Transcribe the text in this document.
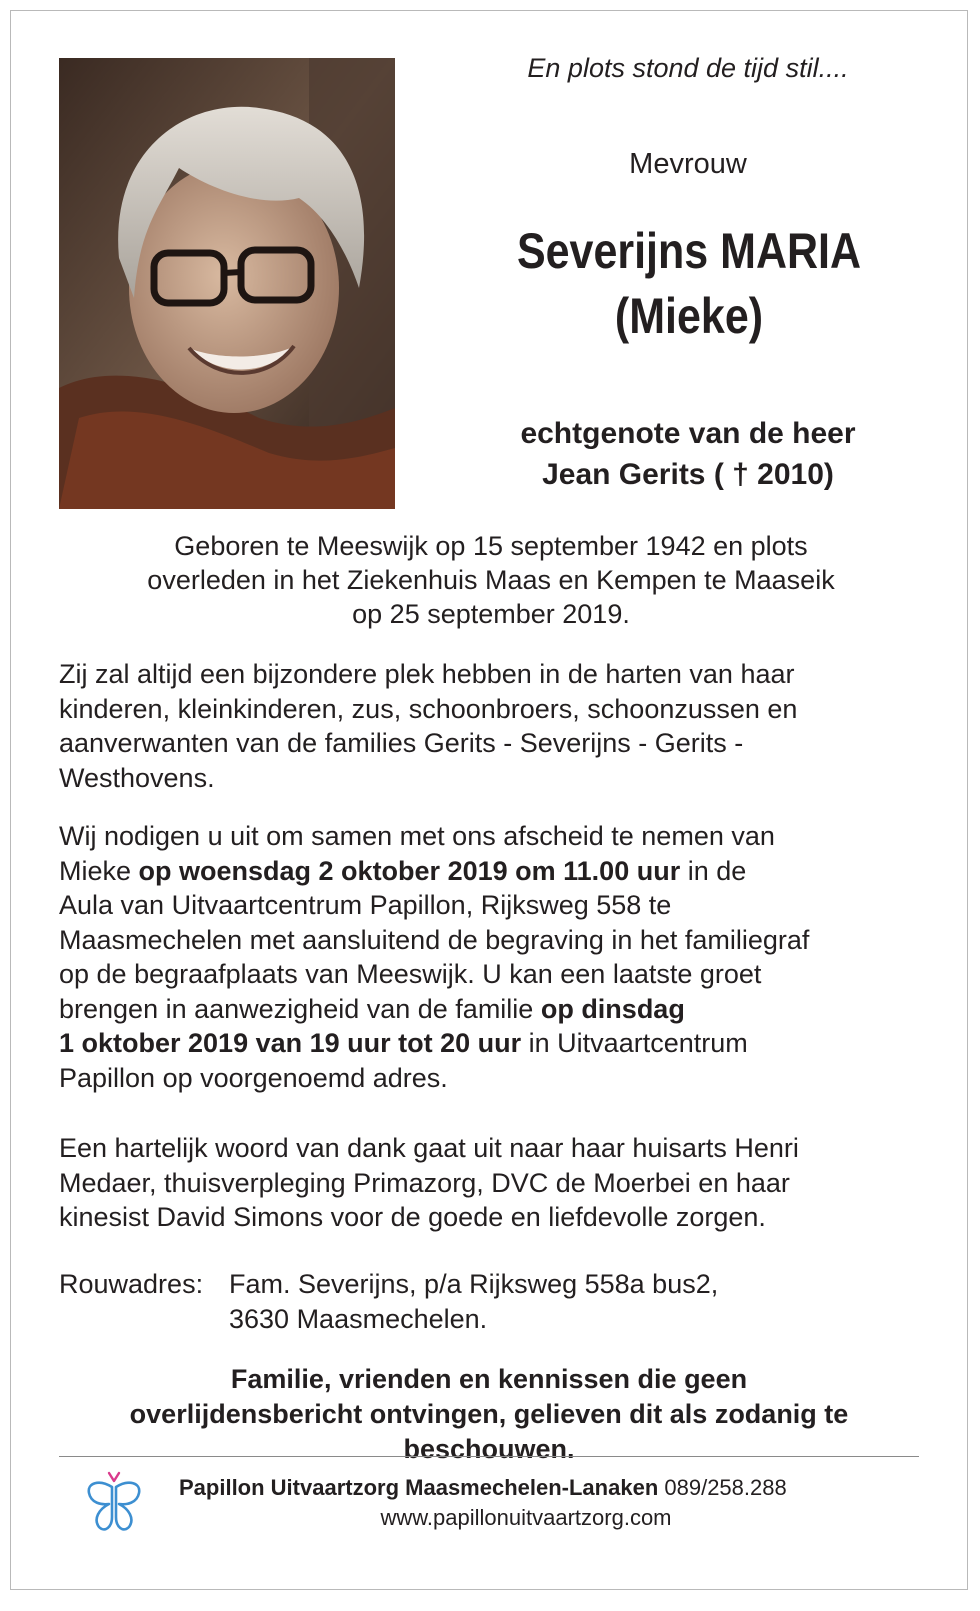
En plots stond de tijd stil....
Mevrouw
Severijns MARIA
(Mieke)
echtgenote van de heer
Jean Gerits ( † 2010)
Geboren te Meeswijk op 15 september 1942 en plots
overleden in het Ziekenhuis Maas en Kempen te Maaseik
op 25 september 2019.
Zij zal altijd een bijzondere plek hebben in de harten van haar
kinderen, kleinkinderen, zus, schoonbroers, schoonzussen en
aanverwanten van de families Gerits - Severijns - Gerits -
Westhovens.
Wij nodigen u uit om samen met ons afscheid te nemen van
Mieke op woensdag 2 oktober 2019 om 11.00 uur in de
Aula van Uitvaartcentrum Papillon, Rijksweg 558 te
Maasmechelen met aansluitend de begraving in het familiegraf
op de begraafplaats van Meeswijk. U kan een laatste groet
brengen in aanwezigheid van de familie op dinsdag
1 oktober 2019 van 19 uur tot 20 uur in Uitvaartcentrum
Papillon op voorgenoemd adres.
Een hartelijk woord van dank gaat uit naar haar huisarts Henri
Medaer, thuisverpleging Primazorg, DVC de Moerbei en haar
kinesist David Simons voor de goede en liefdevolle zorgen.
Rouwadres: Fam. Severijns, p/a Rijksweg 558a bus2,
3630 Maasmechelen.
Familie, vrienden en kennissen die geen
overlijdensbericht ontvingen, gelieven dit als zodanig te
beschouwen.
Papillon Uitvaartzorg Maasmechelen-Lanaken 089/258.288
www.papillonuitvaartzorg.com
